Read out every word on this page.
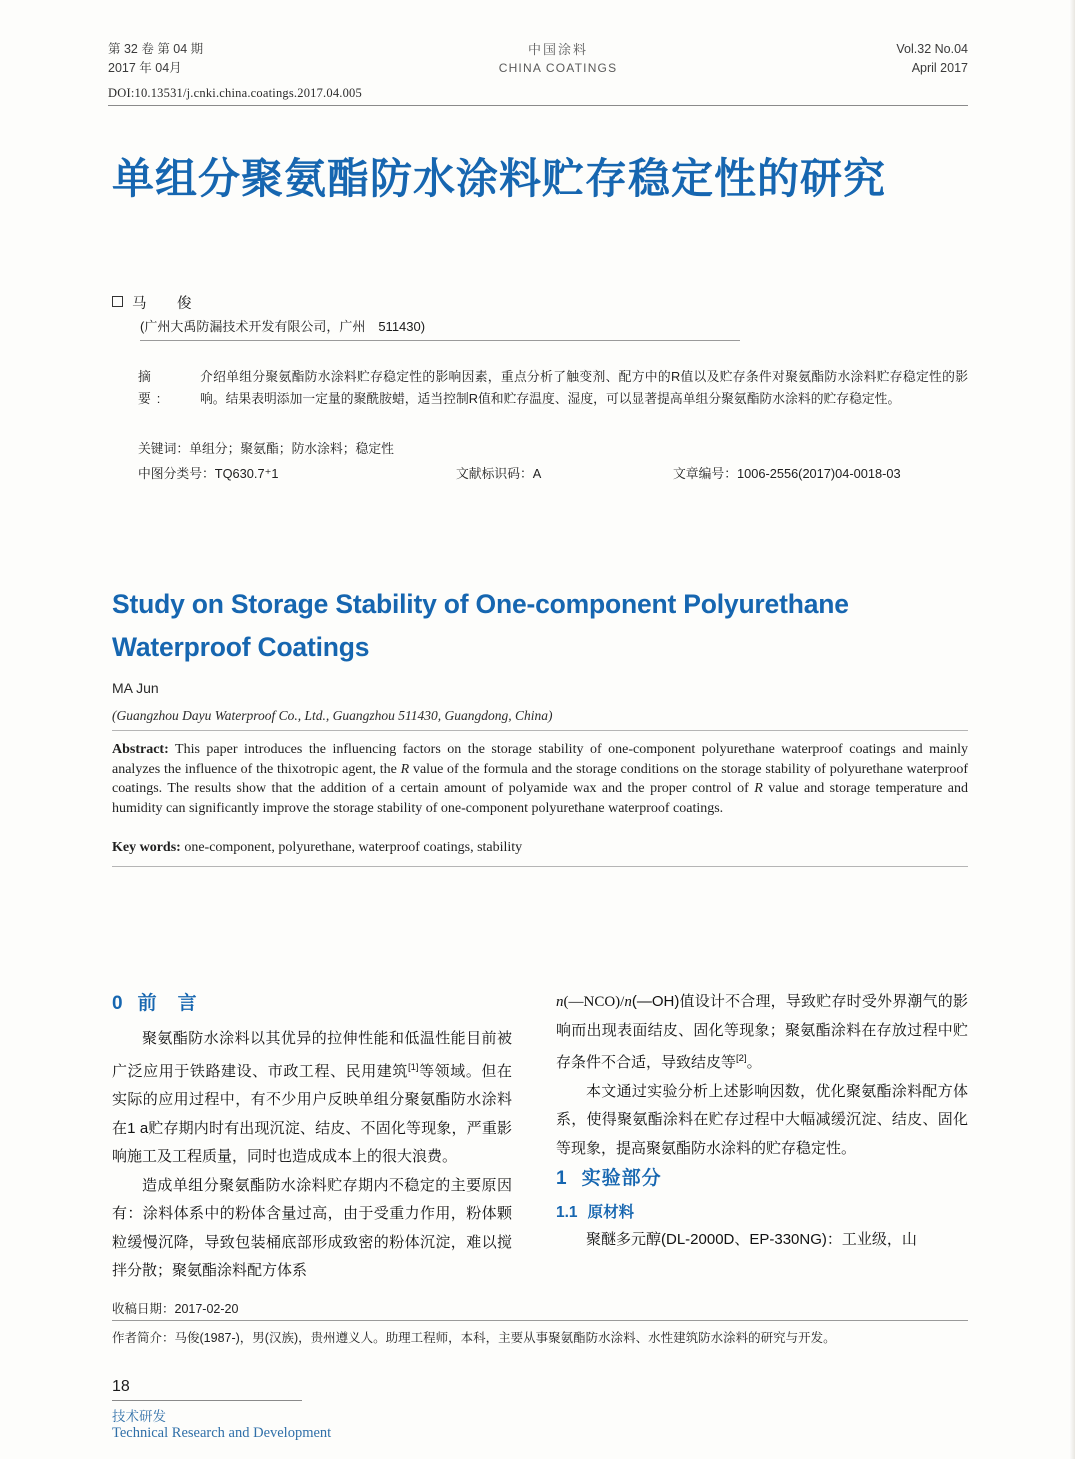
第 32 卷 第 04 期
2017 年 04月
中国涂料
CHINA COATINGS
Vol.32 No.04
April 2017
DOI:10.13531/j.cnki.china.coatings.2017.04.005
单组分聚氨酯防水涂料贮存稳定性的研究
马　俊
(广州大禹防漏技术开发有限公司，广州　511430)
摘　要:
介绍单组分聚氨酯防水涂料贮存稳定性的影响因素，重点分析了触变剂、配方中的R值以及贮存条件对聚氨酯防水涂料贮存稳定性的影响。结果表明添加一定量的聚酰胺蜡，适当控制R值和贮存温度、湿度，可以显著提高单组分聚氨酯防水涂料的贮存稳定性。
关键词：单组分；聚氨酯；防水涂料；稳定性
中图分类号：TQ630.7⁺1	文献标识码：A	文章编号：1006-2556(2017)04-0018-03
Study on Storage Stability of One-component Polyurethane Waterproof Coatings
MA Jun
(Guangzhou Dayu Waterproof Co., Ltd., Guangzhou 511430, Guangdong, China)
Abstract: This paper introduces the influencing factors on the storage stability of one-component polyurethane waterproof coatings and mainly analyzes the influence of the thixotropic agent, the R value of the formula and the storage conditions on the storage stability of polyurethane waterproof coatings. The results show that the addition of a certain amount of polyamide wax and the proper control of R value and storage temperature and humidity can significantly improve the storage stability of one-component polyurethane waterproof coatings.
Key words: one-component, polyurethane, waterproof coatings, stability
0 前　言

聚氨酯防水涂料以其优异的拉伸性能和低温性能目前被广泛应用于铁路建设、市政工程、民用建筑[1]等领域。但在实际的应用过程中，有不少用户反映单组分聚氨酯防水涂料在1 a贮存期内时有出现沉淀、结皮、不固化等现象，严重影响施工及工程质量，同时也造成成本上的很大浪费。

造成单组分聚氨酯防水涂料贮存期内不稳定的主要原因有：涂料体系中的粉体含量过高，由于受重力作用，粉体颗粒缓慢沉降，导致包装桶底部形成致密的粉体沉淀，难以搅拌分散；聚氨酯涂料配方体系

n(—NCO)/n(—OH)值设计不合理，导致贮存时受外界潮气的影响而出现表面结皮、固化等现象；聚氨酯涂料在存放过程中贮存条件不合适，导致结皮等[2]。

本文通过实验分析上述影响因数，优化聚氨酯涂料配方体系，使得聚氨酯涂料在贮存过程中大幅减缓沉淀、结皮、固化等现象，提高聚氨酯防水涂料的贮存稳定性。

1 实验部分
1.1 原材料

聚醚多元醇(DL-2000D、EP-330NG)：工业级，山

收稿日期：2017-02-20
作者简介：马俊(1987-)，男(汉族)，贵州遵义人。助理工程师，本科，主要从事聚氨酯防水涂料、水性建筑防水涂料的研究与开发。
18
技术研发
Technical Research and Development
